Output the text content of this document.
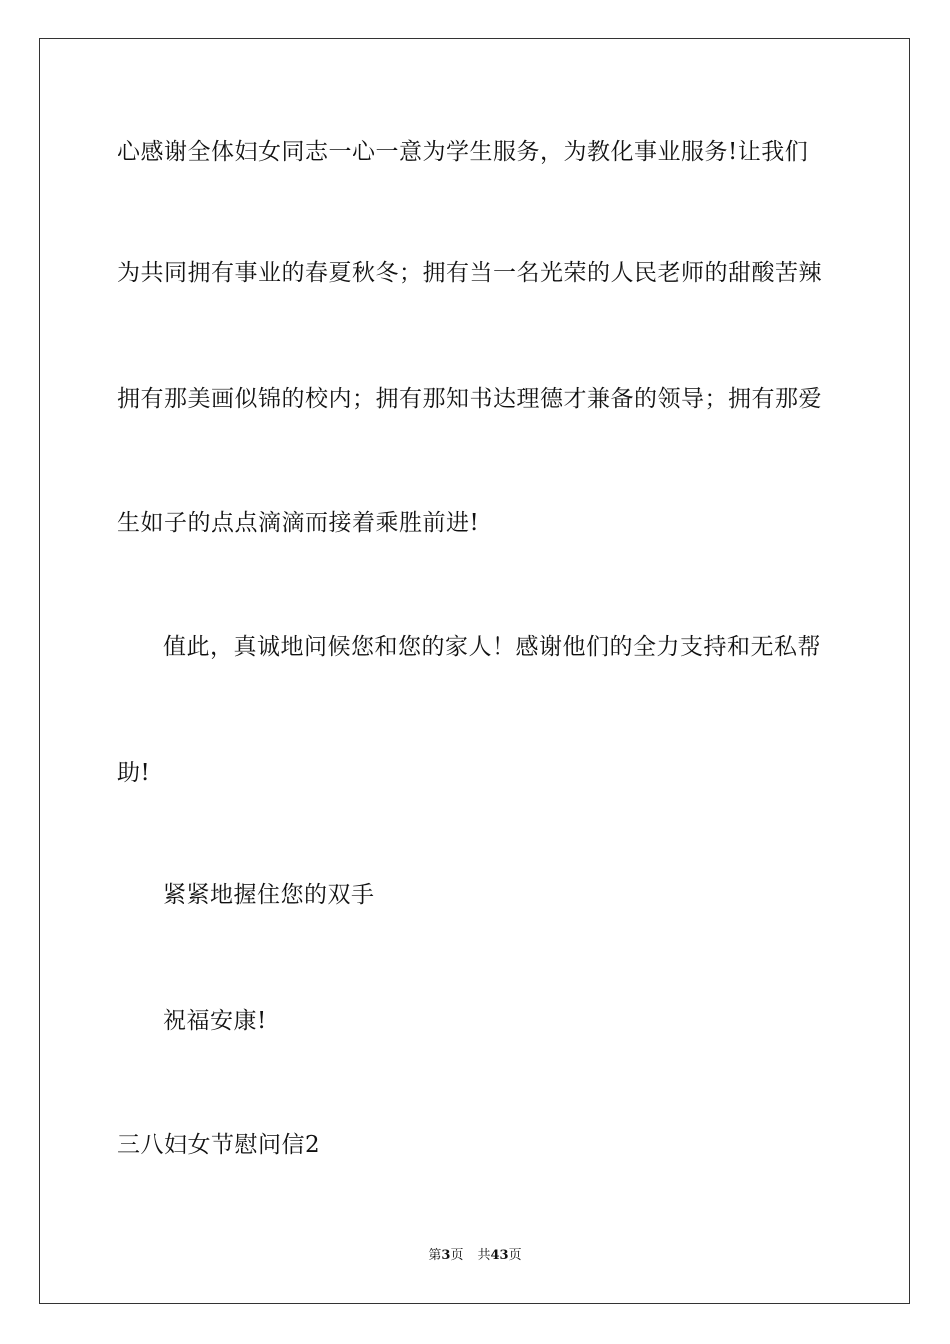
心感谢全体妇女同志一心一意为学生服务，为教化事业服务!让我们
为共同拥有事业的春夏秋冬；拥有当一名光荣的人民老师的甜酸苦辣
拥有那美画似锦的校内；拥有那知书达理德才兼备的领导；拥有那爱
生如子的点点滴滴而接着乘胜前进!
值此，真诚地问候您和您的家人！感谢他们的全力支持和无私帮
助!
紧紧地握住您的双手
祝福安康!
三八妇女节慰问信2
第3页 共43页
